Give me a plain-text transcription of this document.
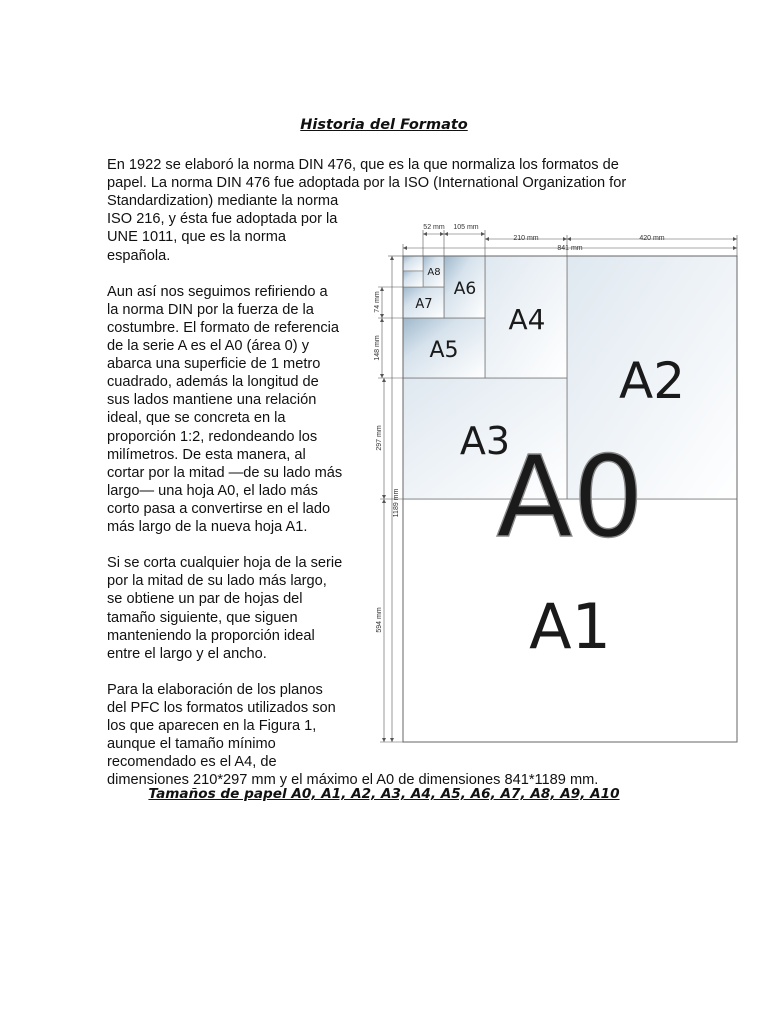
Historia del Formato
En 1922 se elaboró la norma DIN 476, que es la que normaliza los formatos de
papel. La norma DIN 476 fue adoptada por la ISO (International Organization for
Standardization) mediante la norma
ISO 216, y ésta fue adoptada por la
UNE 1011, que es la norma
española.
Aun así nos seguimos refiriendo a
la norma DIN por la fuerza de la
costumbre. El formato de referencia
de la serie A es el A0 (área 0) y
abarca una superficie de 1 metro
cuadrado, además la longitud de
sus lados mantiene una relación
ideal, que se concreta en la
proporción 1:2, redondeando los
milímetros. De esta manera, al
cortar por la mitad —de su lado más
largo— una hoja A0, el lado más
corto pasa a convertirse en el lado
más largo de la nueva hoja A1.
Si se corta cualquier hoja de la serie
por la mitad de su lado más largo,
se obtiene un par de hojas del
tamaño siguiente, que siguen
manteniendo la proporción ideal
entre el largo y el ancho.
Para la elaboración de los planos
del PFC los formatos utilizados son
los que aparecen en la Figura 1,
aunque el tamaño mínimo
recomendado es el A4, de
dimensiones 210*297 mm y el máximo el A0 de dimensiones 841*1189 mm.
A0
A1
A2
A3
A4
A5
A6
A7
A8
52 mm 105 mm
210 mm	420 mm
841 mm
74 mm
148 mm
297 mm
1189 mm
594 mm
Tamaños de papel A0, A1, A2, A3, A4, A5, A6, A7, A8, A9, A10
